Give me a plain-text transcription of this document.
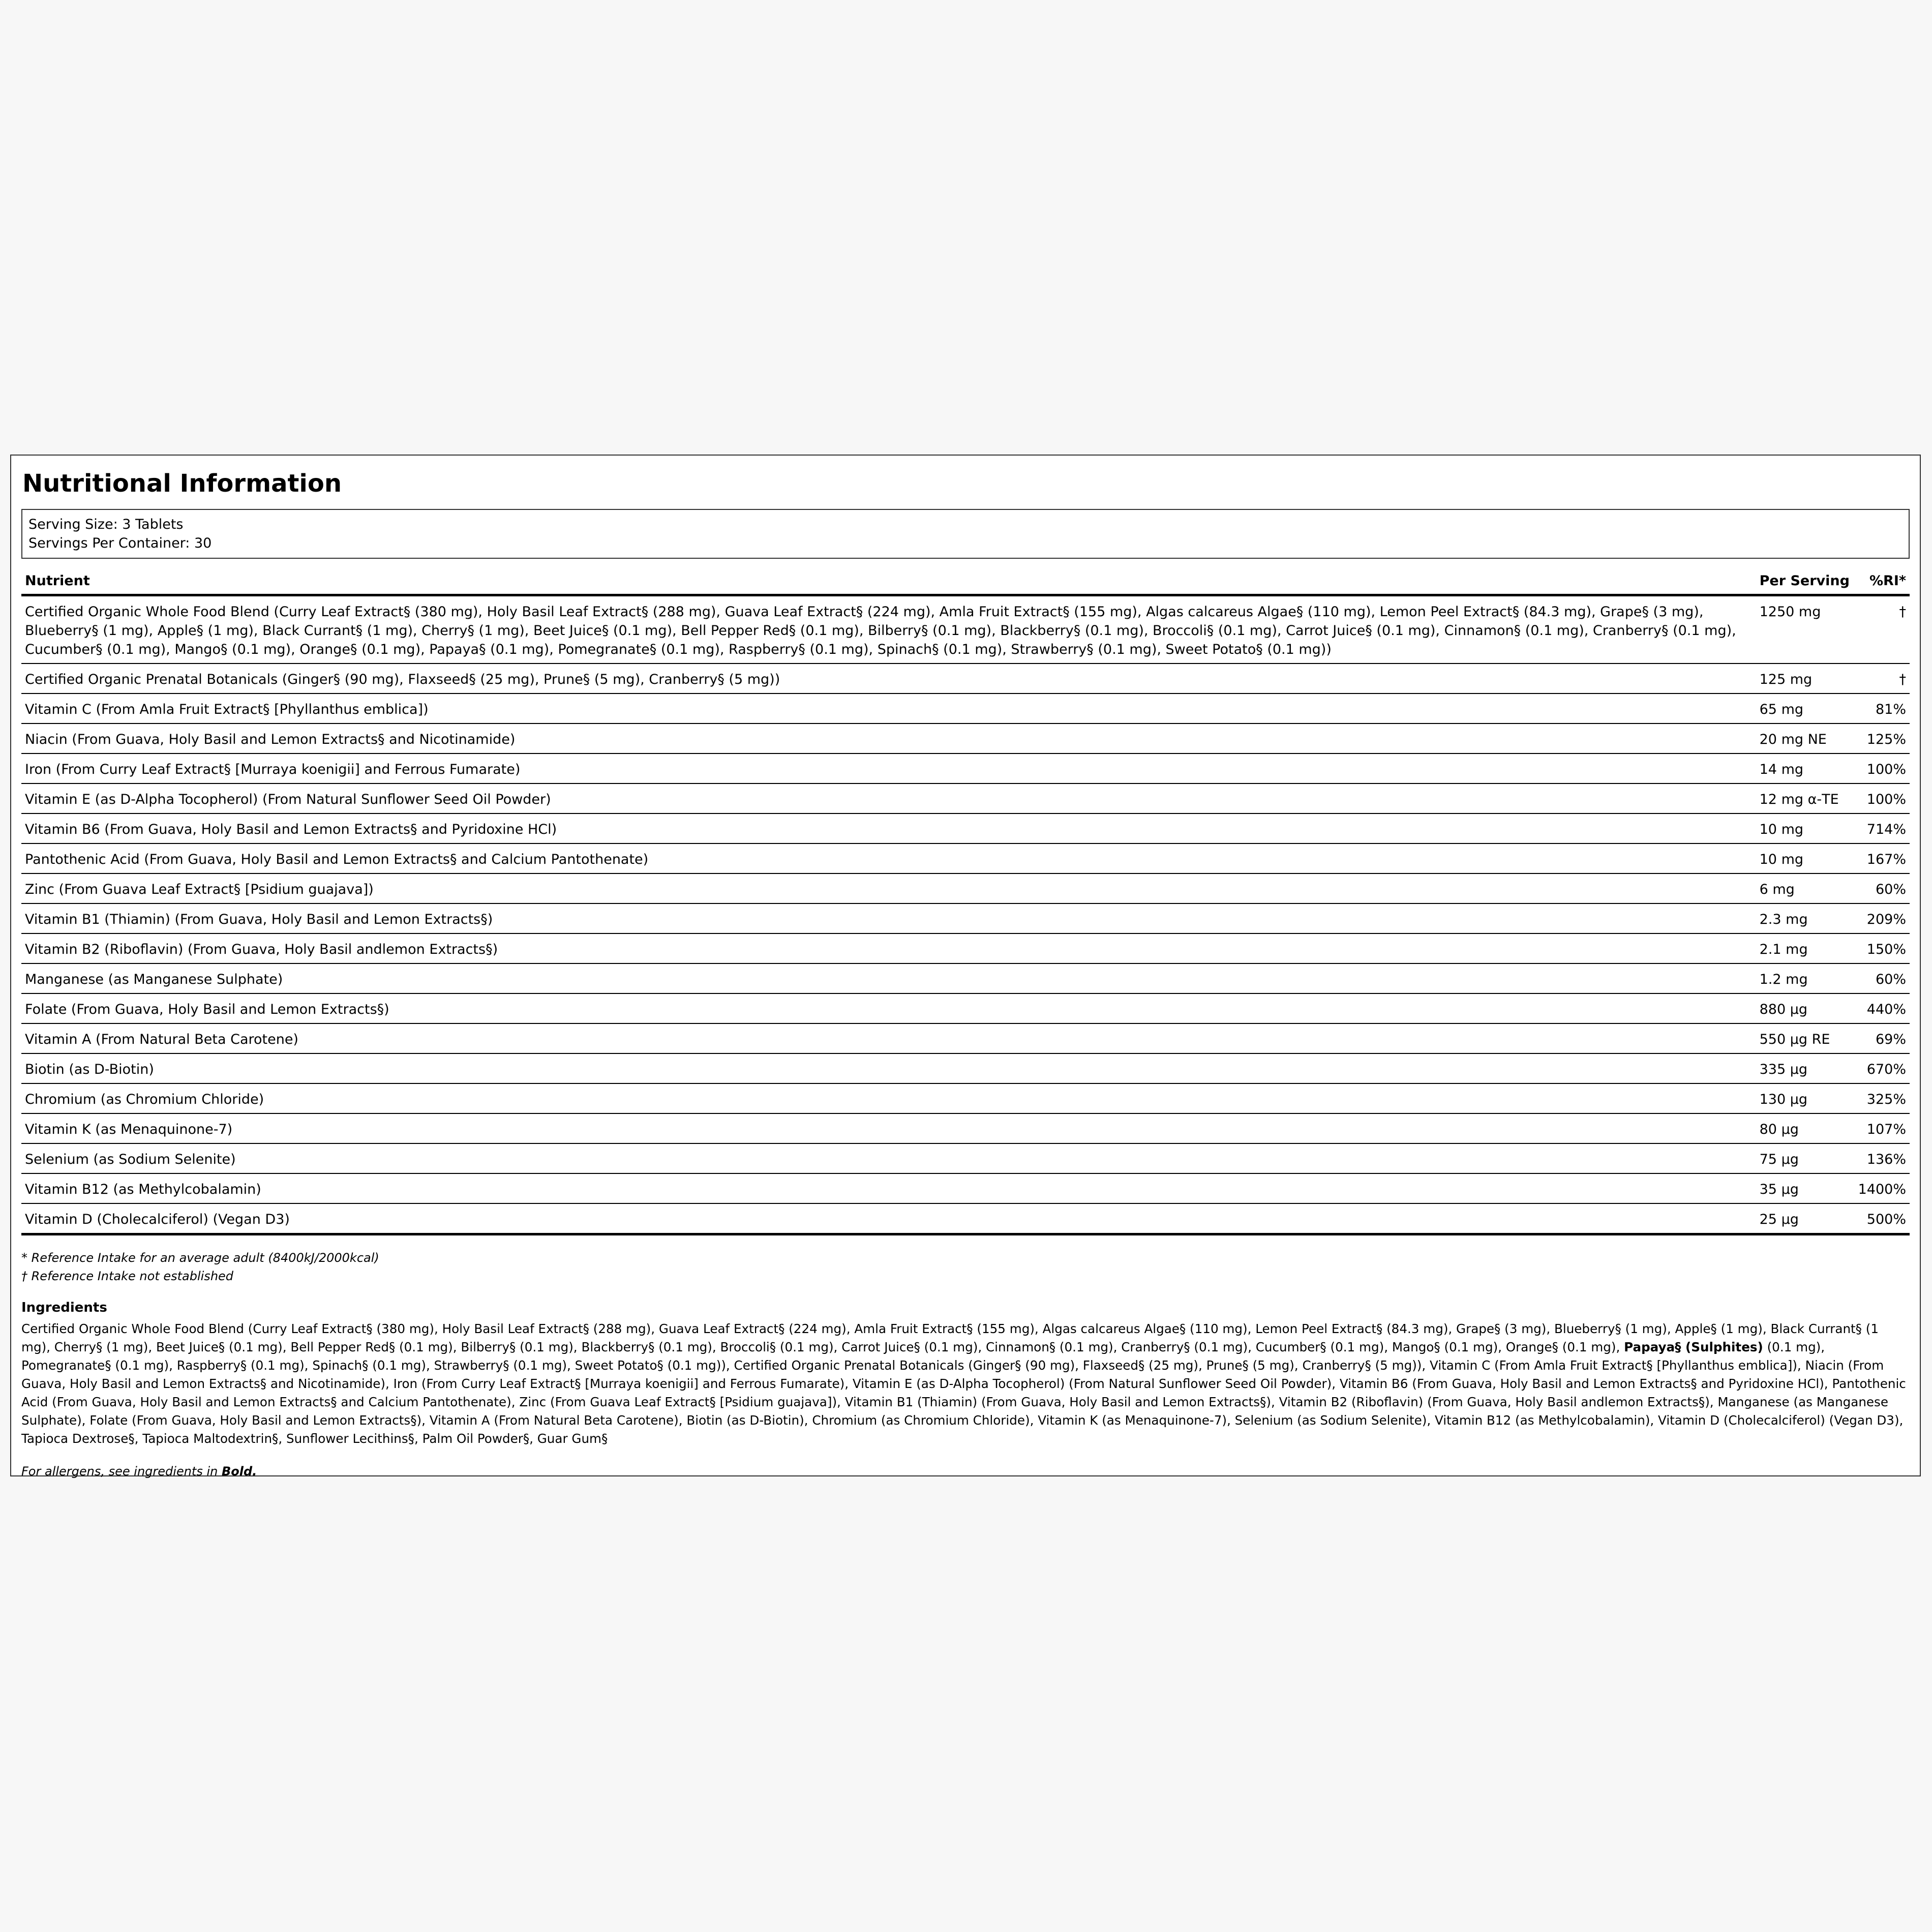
Nutritional Information
Serving Size: 3 Tablets
Servings Per Container: 30
Nutrient	Per Serving	%RI*
Certified Organic Whole Food Blend (Curry Leaf Extract§ (380 mg), Holy Basil Leaf Extract§ (288 mg), Guava Leaf Extract§ (224 mg), Amla Fruit Extract§ (155 mg), Algas calcareus Algae§ (110 mg), Lemon Peel Extract§ (84.3 mg), Grape§ (3 mg), Blueberry§ (1 mg), Apple§ (1 mg), Black Currant§ (1 mg), Cherry§ (1 mg), Beet Juice§ (0.1 mg), Bell Pepper Red§ (0.1 mg), Bilberry§ (0.1 mg), Blackberry§ (0.1 mg), Broccoli§ (0.1 mg), Carrot Juice§ (0.1 mg), Cinnamon§ (0.1 mg), Cranberry§ (0.1 mg), Cucumber§ (0.1 mg), Mango§ (0.1 mg), Orange§ (0.1 mg), Papaya§ (0.1 mg), Pomegranate§ (0.1 mg), Raspberry§ (0.1 mg), Spinach§ (0.1 mg), Strawberry§ (0.1 mg), Sweet Potato§ (0.1 mg))	1250 mg	†
Certified Organic Prenatal Botanicals (Ginger§ (90 mg), Flaxseed§ (25 mg), Prune§ (5 mg), Cranberry§ (5 mg))	125 mg	†
Vitamin C (From Amla Fruit Extract§ [Phyllanthus emblica])	65 mg	81%
Niacin (From Guava, Holy Basil and Lemon Extracts§ and Nicotinamide)	20 mg NE	125%
Iron (From Curry Leaf Extract§ [Murraya koenigii] and Ferrous Fumarate)	14 mg	100%
Vitamin E (as D-Alpha Tocopherol) (From Natural Sunflower Seed Oil Powder)	12 mg α-TE	100%
Vitamin B6 (From Guava, Holy Basil and Lemon Extracts§ and Pyridoxine HCl)	10 mg	714%
Pantothenic Acid (From Guava, Holy Basil and Lemon Extracts§ and Calcium Pantothenate)	10 mg	167%
Zinc (From Guava Leaf Extract§ [Psidium guajava])	6 mg	60%
Vitamin B1 (Thiamin) (From Guava, Holy Basil and Lemon Extracts§)	2.3 mg	209%
Vitamin B2 (Riboflavin) (From Guava, Holy Basil andlemon Extracts§)	2.1 mg	150%
Manganese (as Manganese Sulphate)	1.2 mg	60%
Folate (From Guava, Holy Basil and Lemon Extracts§)	880 µg	440%
Vitamin A (From Natural Beta Carotene)	550 µg RE	69%
Biotin (as D-Biotin)	335 µg	670%
Chromium (as Chromium Chloride)	130 µg	325%
Vitamin K (as Menaquinone-7)	80 µg	107%
Selenium (as Sodium Selenite)	75 µg	136%
Vitamin B12 (as Methylcobalamin)	35 µg	1400%
Vitamin D (Cholecalciferol) (Vegan D3)	25 µg	500%
* Reference Intake for an average adult (8400kJ/2000kcal)
† Reference Intake not established
Ingredients
Certified Organic Whole Food Blend (Curry Leaf Extract§ (380 mg), Holy Basil Leaf Extract§ (288 mg), Guava Leaf Extract§ (224 mg), Amla Fruit Extract§ (155 mg), Algas calcareus Algae§ (110 mg), Lemon Peel Extract§ (84.3 mg), Grape§ (3 mg), Blueberry§ (1 mg), Apple§ (1 mg), Black Currant§ (1 mg), Cherry§ (1 mg), Beet Juice§ (0.1 mg), Bell Pepper Red§ (0.1 mg), Bilberry§ (0.1 mg), Blackberry§ (0.1 mg), Broccoli§ (0.1 mg), Carrot Juice§ (0.1 mg), Cinnamon§ (0.1 mg), Cranberry§ (0.1 mg), Cucumber§ (0.1 mg), Mango§ (0.1 mg), Orange§ (0.1 mg), Papaya§ (Sulphites) (0.1 mg), Pomegranate§ (0.1 mg), Raspberry§ (0.1 mg), Spinach§ (0.1 mg), Strawberry§ (0.1 mg), Sweet Potato§ (0.1 mg)), Certified Organic Prenatal Botanicals (Ginger§ (90 mg), Flaxseed§ (25 mg), Prune§ (5 mg), Cranberry§ (5 mg)), Vitamin C (From Amla Fruit Extract§ [Phyllanthus emblica]), Niacin (From Guava, Holy Basil and Lemon Extracts§ and Nicotinamide), Iron (From Curry Leaf Extract§ [Murraya koenigii] and Ferrous Fumarate), Vitamin E (as D-Alpha Tocopherol) (From Natural Sunflower Seed Oil Powder), Vitamin B6 (From Guava, Holy Basil and Lemon Extracts§ and Pyridoxine HCl), Pantothenic Acid (From Guava, Holy Basil and Lemon Extracts§ and Calcium Pantothenate), Zinc (From Guava Leaf Extract§ [Psidium guajava]), Vitamin B1 (Thiamin) (From Guava, Holy Basil and Lemon Extracts§), Vitamin B2 (Riboflavin) (From Guava, Holy Basil andlemon Extracts§), Manganese (as Manganese Sulphate), Folate (From Guava, Holy Basil and Lemon Extracts§), Vitamin A (From Natural Beta Carotene), Biotin (as D-Biotin), Chromium (as Chromium Chloride), Vitamin K (as Menaquinone-7), Selenium (as Sodium Selenite), Vitamin B12 (as Methylcobalamin), Vitamin D (Cholecalciferol) (Vegan D3), Tapioca Dextrose§, Tapioca Maltodextrin§, Sunflower Lecithins§, Palm Oil Powder§, Guar Gum§
For allergens, see ingredients in Bold.
